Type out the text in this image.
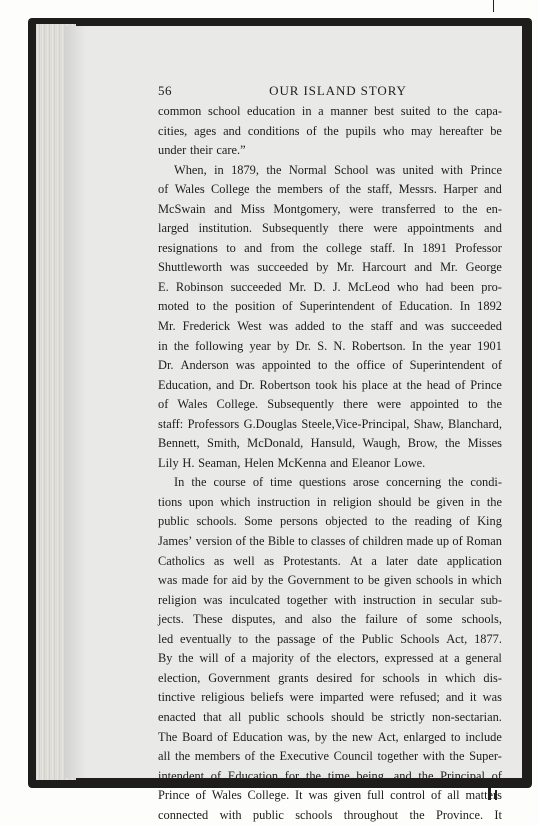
56	OUR ISLAND STORY
common school education in a manner best suited to the capa-
cities, ages and conditions of the pupils who may hereafter be
under their care.”
When, in 1879, the Normal School was united with Prince
of Wales College the members of the staff, Messrs. Harper and
McSwain and Miss Montgomery, were transferred to the en-
larged institution. Subsequently there were appointments and
resignations to and from the college staff. In 1891 Professor
Shuttleworth was succeeded by Mr. Harcourt and Mr. George
E. Robinson succeeded Mr. D. J. McLeod who had been pro-
moted to the position of Superintendent of Education. In 1892
Mr. Frederick West was added to the staff and was succeeded
in the following year by Dr. S. N. Robertson. In the year 1901
Dr. Anderson was appointed to the office of Superintendent of
Education, and Dr. Robertson took his place at the head of Prince
of Wales College. Subsequently there were appointed to the
staff: Professors G.Douglas Steele,Vice-Principal, Shaw, Blanchard,
Bennett, Smith, McDonald, Hansuld, Waugh, Brow, the Misses
Lily H. Seaman, Helen McKenna and Eleanor Lowe.
In the course of time questions arose concerning the condi-
tions upon which instruction in religion should be given in the
public schools. Some persons objected to the reading of King
James’ version of the Bible to classes of children made up of Roman
Catholics as well as Protestants. At a later date application
was made for aid by the Government to be given schools in which
religion was inculcated together with instruction in secular sub-
jects. These disputes, and also the failure of some schools,
led eventually to the passage of the Public Schools Act, 1877.
By the will of a majority of the electors, expressed at a general
election, Government grants desired for schools in which dis-
tinctive religious beliefs were imparted were refused; and it was
enacted that all public schools should be strictly non-sectarian.
The Board of Education was, by the new Act, enlarged to include
all the members of the Executive Council together with the Super-
intendent of Education for the time being, and the Principal of
Prince of Wales College. It was given full control of all matters
connected with public schools throughout the Province. It
